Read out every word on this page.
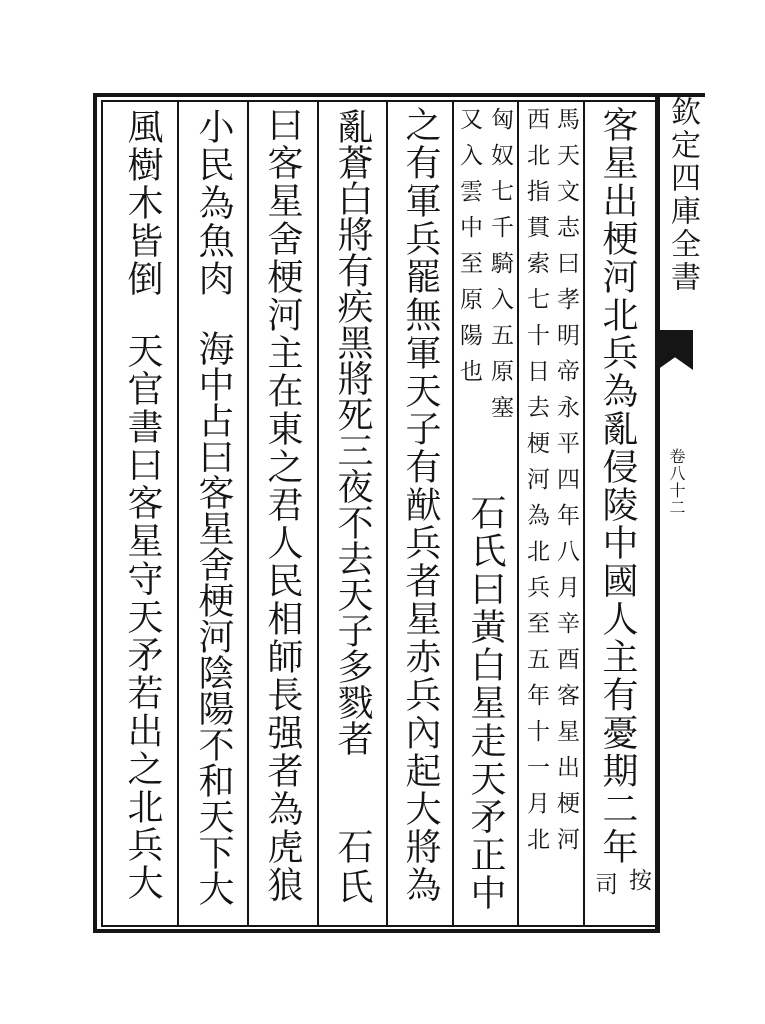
欽定四庫全書
卷八十二
客星出梗河北兵為亂侵陵中國人主有憂期二年
按
司
馬天文志曰孝明帝永平四年八月辛酉客星出梗河
西北指貫索七十日去梗河為北兵至五年十一月北
匈奴七千騎入五原塞
又入雲中至原陽也
石氏曰黃白星走天矛正中
之有軍兵罷無軍天子有猷兵者星赤兵內起大將為
亂蒼白將有疾黑將死三夜不去天子多戮者
石氏
曰客星舍梗河主在東之君人民相師長强者為虎狼
小民為魚肉
海中占曰客星舍梗河陰陽不和天下大
風樹木皆倒
天官書曰客星守天矛若出之北兵大
